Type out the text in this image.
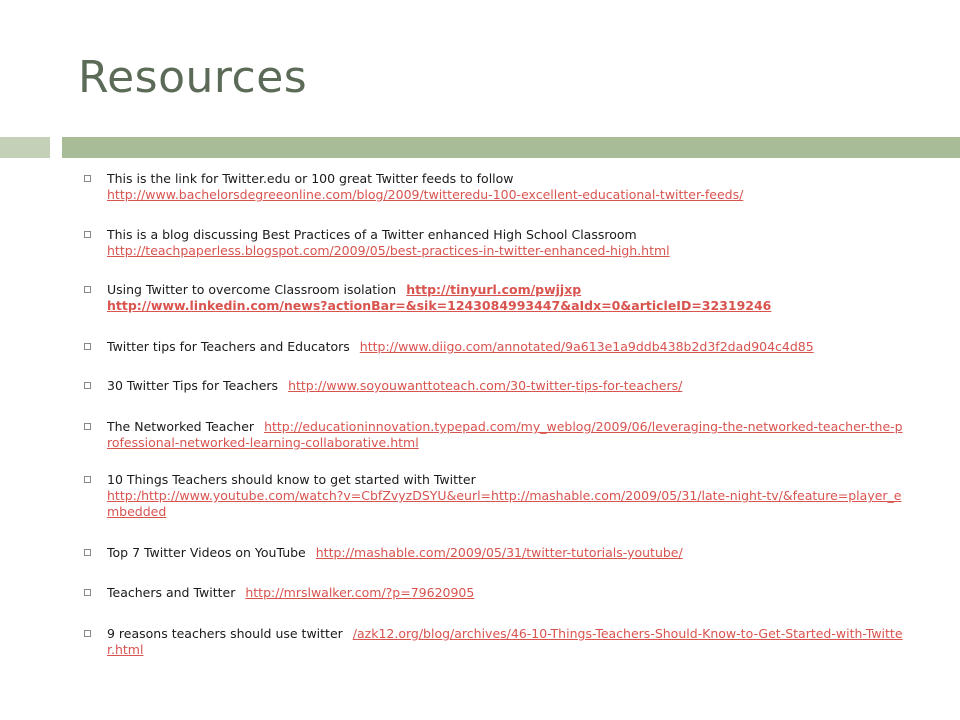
Resources
This is the link for Twitter.edu or 100 great Twitter feeds to follow
http://www.bachelorsdegreeonline.com/blog/2009/twitteredu-100-excellent-educational-twitter-feeds/
This is a blog discussing Best Practices of a Twitter enhanced High School Classroom
http://teachpaperless.blogspot.com/2009/05/best-practices-in-twitter-enhanced-high.html
Using Twitter to overcome Classroom isolation http://tinyurl.com/pwjjxp
http://www.linkedin.com/news?actionBar=&sik=1243084993447&aIdx=0&articleID=32319246
Twitter tips for Teachers and Educators http://www.diigo.com/annotated/9a613e1a9ddb438b2d3f2dad904c4d85
30 Twitter Tips for Teachers http://www.soyouwanttoteach.com/30-twitter-tips-for-teachers/
The Networked Teacher http://educationinnovation.typepad.com/my_weblog/2009/06/leveraging-the-networked-teacher-the-professional-networked-learning-collaborative.html
10 Things Teachers should know to get started with Twitter
http:/http://www.youtube.com/watch?v=CbfZvyzDSYU&eurl=http://mashable.com/2009/05/31/late-night-tv/&feature=player_embedded
Top 7 Twitter Videos on YouTube http://mashable.com/2009/05/31/twitter-tutorials-youtube/
Teachers and Twitter http://mrslwalker.com/?p=79620905
9 reasons teachers should use twitter /azk12.org/blog/archives/46-10-Things-Teachers-Should-Know-to-Get-Started-with-Twitter.html
